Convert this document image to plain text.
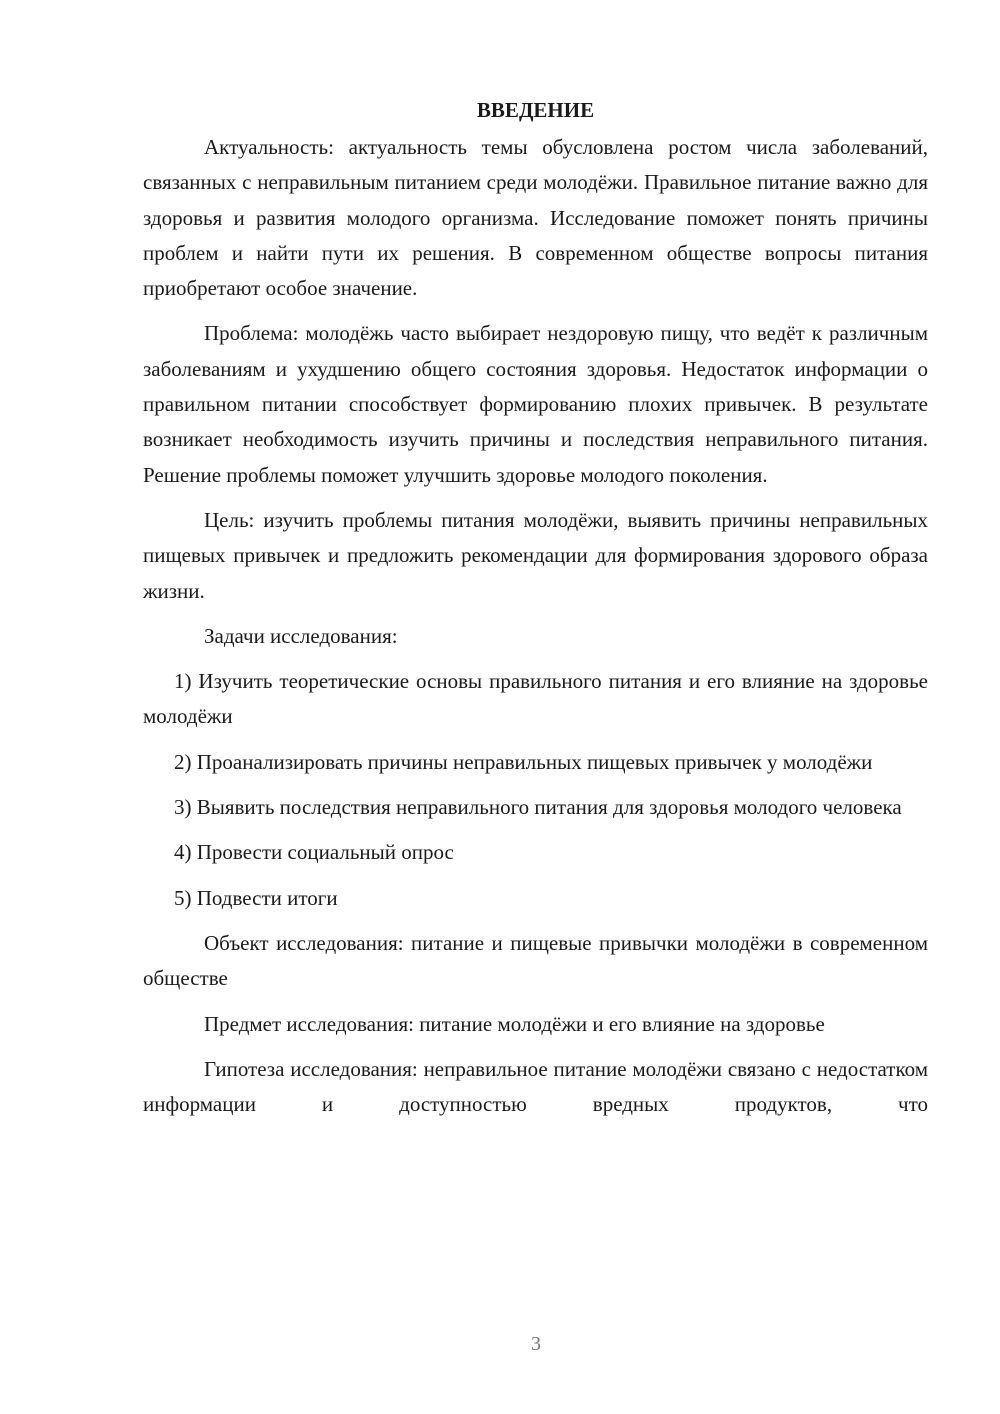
ВВЕДЕНИЕ

Актуальность: актуальность темы обусловлена ростом числа заболеваний, связанных с неправильным питанием среди молодёжи. Правильное питание важно для здоровья и развития молодого организма. Исследование поможет понять причины проблем и найти пути их решения. В современном обществе вопросы питания приобретают особое значение.

Проблема: молодёжь часто выбирает нездоровую пищу, что ведёт к различным заболеваниям и ухудшению общего состояния здоровья. Недостаток информации о правильном питании способствует формированию плохих привычек. В результате возникает необходимость изучить причины и последствия неправильного питания. Решение проблемы поможет улучшить здоровье молодого поколения.

Цель: изучить проблемы питания молодёжи, выявить причины неправильных пищевых привычек и предложить рекомендации для формирования здорового образа жизни.

Задачи исследования:

1) Изучить теоретические основы правильного питания и его влияние на здоровье молодёжи

2) Проанализировать причины неправильных пищевых привычек у молодёжи

3) Выявить последствия неправильного питания для здоровья молодого человека

4) Провести социальный опрос

5) Подвести итоги

Объект исследования: питание и пищевые привычки молодёжи в современном обществе

Предмет исследования: питание молодёжи и его влияние на здоровье

Гипотеза исследования: неправильное питание молодёжи связано с недостатком информации и доступностью вредных продуктов, что

3
